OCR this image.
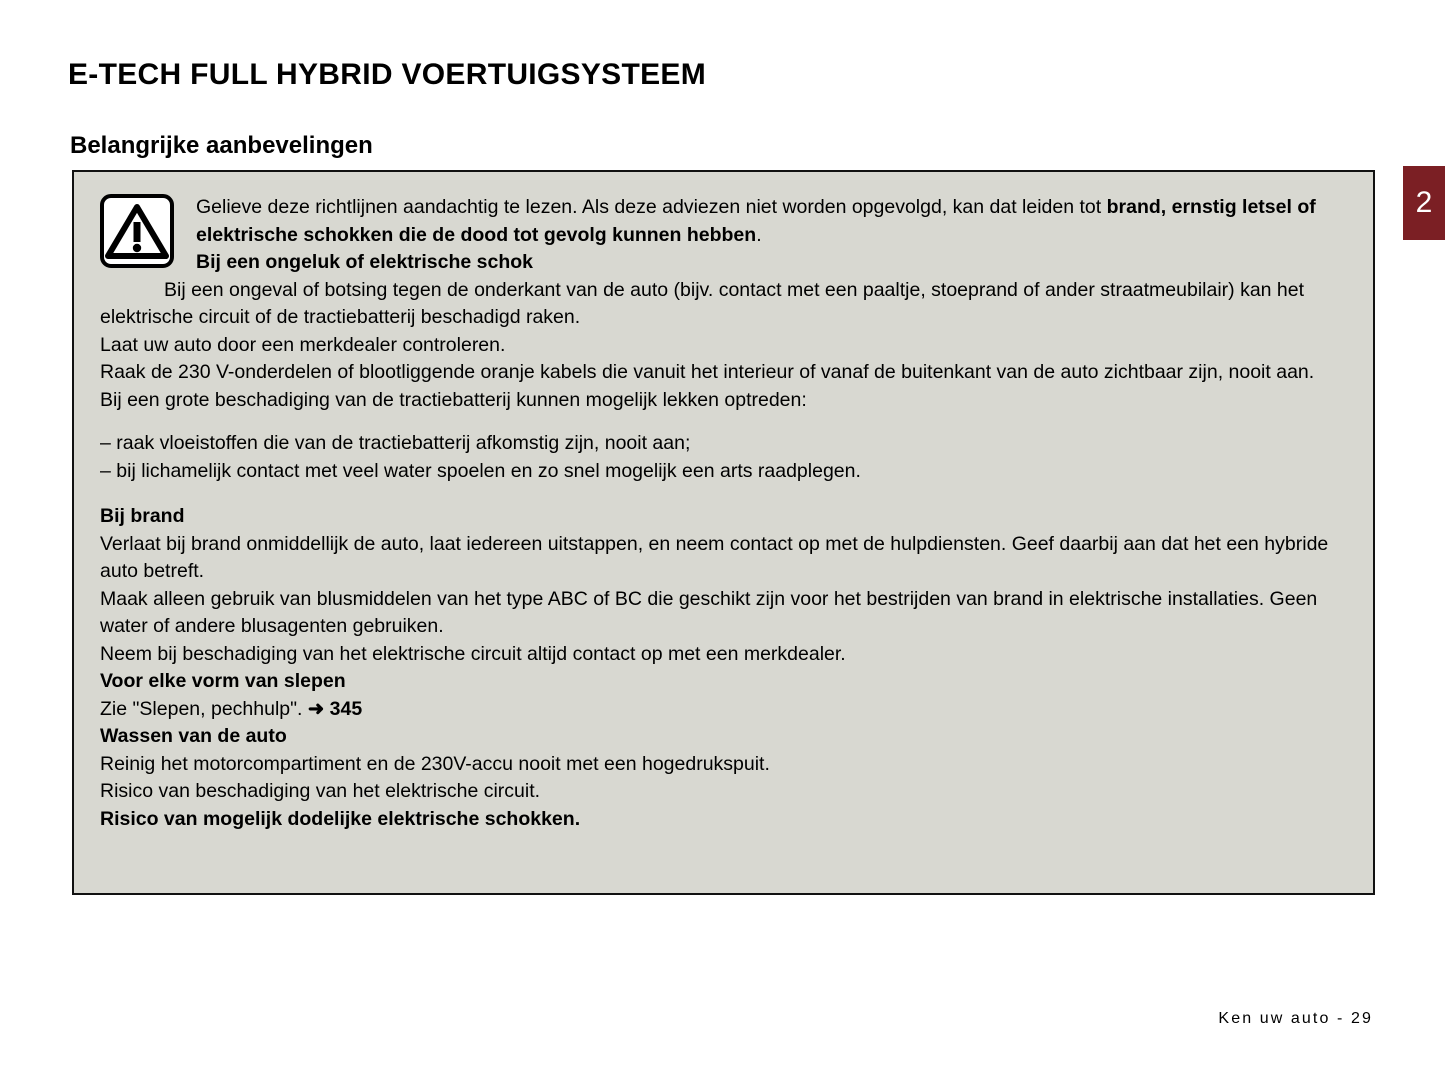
E-TECH FULL HYBRID VOERTUIGSYSTEEM
Belangrijke aanbevelingen
2
Gelieve deze richtlijnen aandachtig te lezen. Als deze adviezen niet worden opgevolgd, kan dat leiden tot brand, ernstig letsel of elektrische schokken die de dood tot gevolg kunnen hebben.
Bij een ongeluk of elektrische schok
Bij een ongeval of botsing tegen de onderkant van de auto (bijv. contact met een paaltje, stoeprand of ander straatmeubilair) kan het elektrische circuit of de tractiebatterij beschadigd raken.
Laat uw auto door een merkdealer controleren.
Raak de 230 V-onderdelen of blootliggende oranje kabels die vanuit het interieur of vanaf de buitenkant van de auto zichtbaar zijn, nooit aan.
Bij een grote beschadiging van de tractiebatterij kunnen mogelijk lekken optreden:
– raak vloeistoffen die van de tractiebatterij afkomstig zijn, nooit aan;
– bij lichamelijk contact met veel water spoelen en zo snel mogelijk een arts raadplegen.
Bij brand
Verlaat bij brand onmiddellijk de auto, laat iedereen uitstappen, en neem contact op met de hulpdiensten. Geef daarbij aan dat het een hybride auto betreft.
Maak alleen gebruik van blusmiddelen van het type ABC of BC die geschikt zijn voor het bestrijden van brand in elektrische installaties. Geen water of andere blusagenten gebruiken.
Neem bij beschadiging van het elektrische circuit altijd contact op met een merkdealer.
Voor elke vorm van slepen
Zie "Slepen, pechhulp". ➜ 345
Wassen van de auto
Reinig het motorcompartiment en de 230V-accu nooit met een hogedrukspuit.
Risico van beschadiging van het elektrische circuit.
Risico van mogelijk dodelijke elektrische schokken.
Ken uw auto - 29
